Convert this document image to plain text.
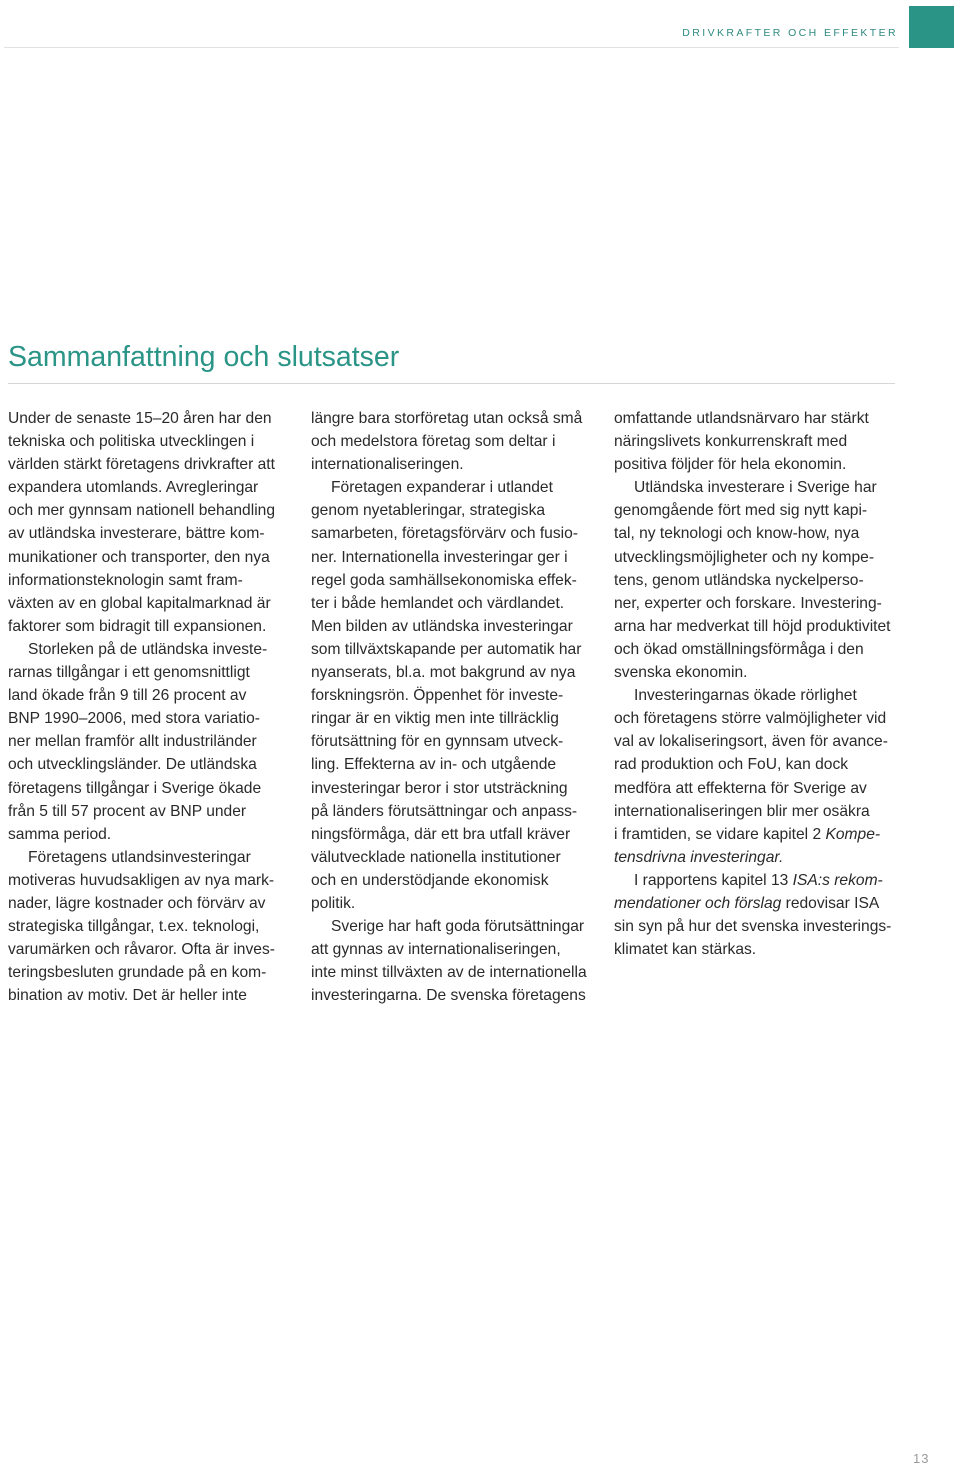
DRIVKRAFTER OCH EFFEKTER
Sammanfattning och slutsatser
Under de senaste 15–20 åren har den
tekniska och politiska utvecklingen i
världen stärkt företagens drivkrafter att
expandera utomlands. Avregleringar
och mer gynnsam nationell behandling
av utländska investerare, bättre kom-
munikationer och transporter, den nya
informationsteknologin samt fram-
växten av en global kapitalmarknad är
faktorer som bidragit till expansionen.
Storleken på de utländska investe-
rarnas tillgångar i ett genomsnittligt
land ökade från 9 till 26 procent av
BNP 1990–2006, med stora variatio-
ner mellan framför allt industriländer
och utvecklingsländer. De utländska
företagens tillgångar i Sverige ökade
från 5 till 57 procent av BNP under
samma period.
Företagens utlandsinvesteringar
motiveras huvudsakligen av nya mark-
nader, lägre kostnader och förvärv av
strategiska tillgångar, t.ex. teknologi,
varumärken och råvaror. Ofta är inves-
teringsbesluten grundade på en kom-
bination av motiv. Det är heller inte
längre bara storföretag utan också små
och medelstora företag som deltar i
internationaliseringen.
Företagen expanderar i utlandet
genom nyetableringar, strategiska
samarbeten, företagsförvärv och fusio-
ner. Internationella investeringar ger i
regel goda samhällsekonomiska effek-
ter i både hemlandet och värdlandet.
Men bilden av utländska investeringar
som tillväxtskapande per automatik har
nyanserats, bl.a. mot bakgrund av nya
forskningsrön. Öppenhet för investe-
ringar är en viktig men inte tillräcklig
förutsättning för en gynnsam utveck-
ling. Effekterna av in- och utgående
investeringar beror i stor utsträckning
på länders förutsättningar och anpass-
ningsförmåga, där ett bra utfall kräver
välutvecklade nationella institutioner
och en understödjande ekonomisk
politik.
Sverige har haft goda förutsättningar
att gynnas av internationaliseringen,
inte minst tillväxten av de internationella
investeringarna. De svenska företagens
omfattande utlandsnärvaro har stärkt
näringslivets konkurrenskraft med
positiva följder för hela ekonomin.
Utländska investerare i Sverige har
genomgående fört med sig nytt kapi-
tal, ny teknologi och know-how, nya
utvecklingsmöjligheter och ny kompe-
tens, genom utländska nyckelperso-
ner, experter och forskare. Investering-
arna har medverkat till höjd produktivitet
och ökad omställningsförmåga i den
svenska ekonomin.
Investeringarnas ökade rörlighet
och företagens större valmöjligheter vid
val av lokaliseringsort, även för avance-
rad produktion och FoU, kan dock
medföra att effekterna för Sverige av
internationaliseringen blir mer osäkra
i framtiden, se vidare kapitel 2 Kompe-
tensdrivna investeringar.
I rapportens kapitel 13 ISA:s rekom-
mendationer och förslag redovisar ISA
sin syn på hur det svenska investerings-
klimatet kan stärkas.
13
